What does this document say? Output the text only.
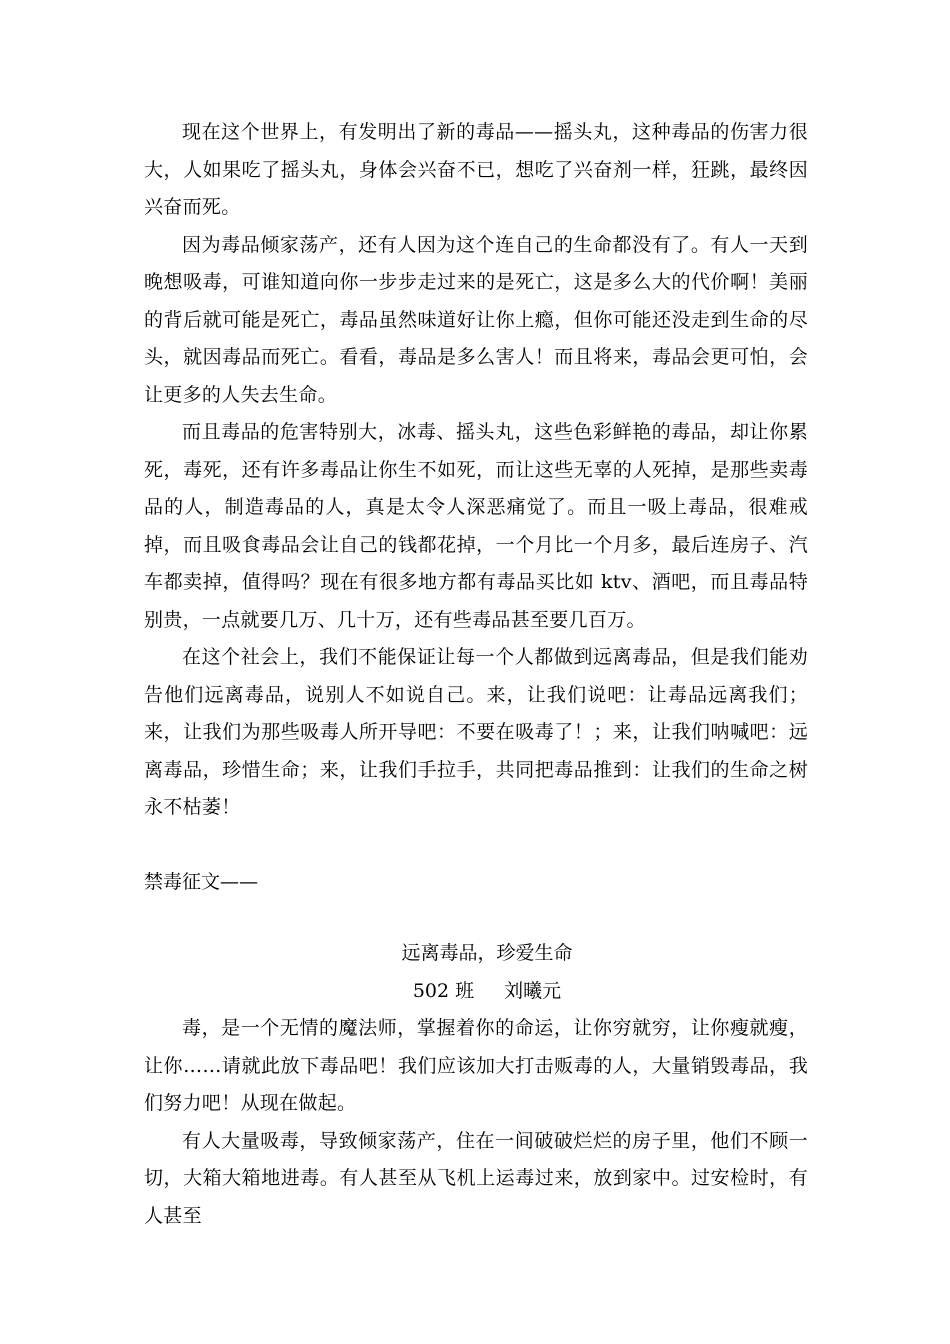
现在这个世界上，有发明出了新的毒品——摇头丸，这种毒品的伤害力很大，人如果吃了摇头丸，身体会兴奋不已，想吃了兴奋剂一样，狂跳，最终因兴奋而死。

因为毒品倾家荡产，还有人因为这个连自己的生命都没有了。有人一天到晚想吸毒，可谁知道向你一步步走过来的是死亡，这是多么大的代价啊！美丽的背后就可能是死亡，毒品虽然味道好让你上瘾，但你可能还没走到生命的尽头，就因毒品而死亡。看看，毒品是多么害人！而且将来，毒品会更可怕，会让更多的人失去生命。

而且毒品的危害特别大，冰毒、摇头丸，这些色彩鲜艳的毒品，却让你累死，毒死，还有许多毒品让你生不如死，而让这些无辜的人死掉，是那些卖毒品的人，制造毒品的人，真是太令人深恶痛觉了。而且一吸上毒品，很难戒掉，而且吸食毒品会让自己的钱都花掉，一个月比一个月多，最后连房子、汽车都卖掉，值得吗？现在有很多地方都有毒品买比如 ktv、酒吧，而且毒品特别贵，一点就要几万、几十万，还有些毒品甚至要几百万。

在这个社会上，我们不能保证让每一个人都做到远离毒品，但是我们能劝告他们远离毒品，说别人不如说自己。来，让我们说吧：让毒品远离我们；来，让我们为那些吸毒人所开导吧：不要在吸毒了！；来，让我们呐喊吧：远离毒品，珍惜生命；来，让我们手拉手，共同把毒品推到：让我们的生命之树永不枯萎！

禁毒征文——

远离毒品，珍爱生命

502 班 刘曦元

毒，是一个无情的魔法师，掌握着你的命运，让你穷就穷，让你瘦就瘦，让你……请就此放下毒品吧！我们应该加大打击贩毒的人，大量销毁毒品，我们努力吧！从现在做起。

有人大量吸毒，导致倾家荡产，住在一间破破烂烂的房子里，他们不顾一切，大箱大箱地进毒。有人甚至从飞机上运毒过来，放到家中。过安检时，有人甚至
